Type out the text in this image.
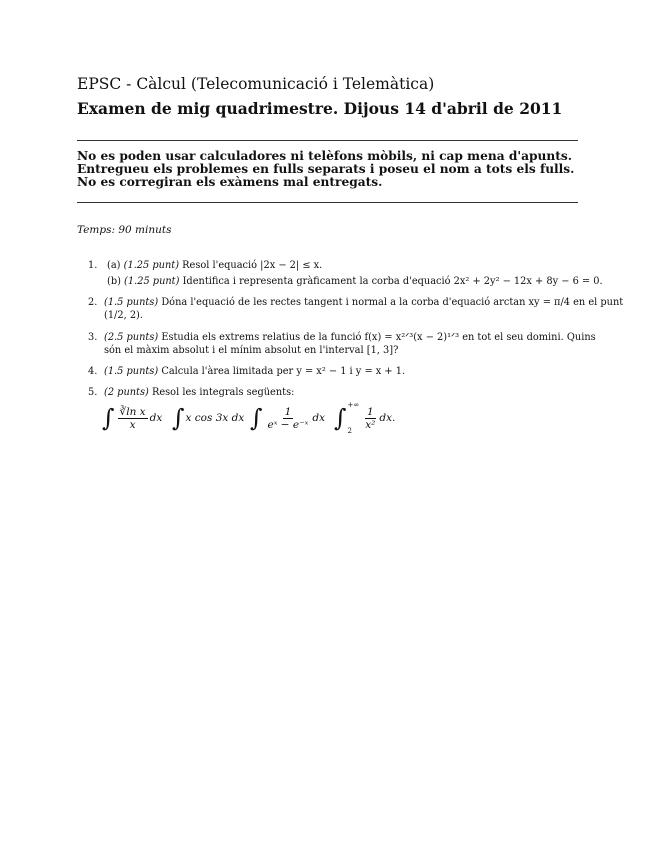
EPSC - Càlcul (Telecomunicació i Telemàtica)
Examen de mig quadrimestre. Dijous 14 d'abril de 2011
No es poden usar calculadores ni telèfons mòbils, ni cap mena d'apunts.
Entregueu els problemes en fulls separats i poseu el nom a tots els fulls.
No es corregiran els exàmens mal entregats.
Temps: 90 minuts
1. (a) (1.25 punt) Resol l'equació |2x − 2| ≤ x.
(b) (1.25 punt) Identifica i representa gràficament la corba d'equació 2x² + 2y² − 12x + 8y − 6 = 0.
2. (1.5 punts) Dóna l'equació de les rectes tangent i normal a la corba d'equació arctan xy = π/4 en el punt
(1/2, 2).
3. (2.5 punts) Estudia els extrems relatius de la funció f(x) = x²ᐟ³(x − 2)¹ᐟ³ en tot el seu domini. Quins
són el màxim absolut i el mínim absolut en l'interval [1, 3]?
4. (1.5 punts) Calcula l'àrea limitada per y = x² − 1 i y = x + 1.
5. (2 punts) Resol les integrals següents:
∫ $\frac{\text{∛ln x}}{x}$ dx ∫ x cos 3x dx ∫ $\frac{1}{\text{eˣ − e⁻ˣ}}$ dx ∫ +∞
2
$\frac{1}{\text{x²}}$ dx.
